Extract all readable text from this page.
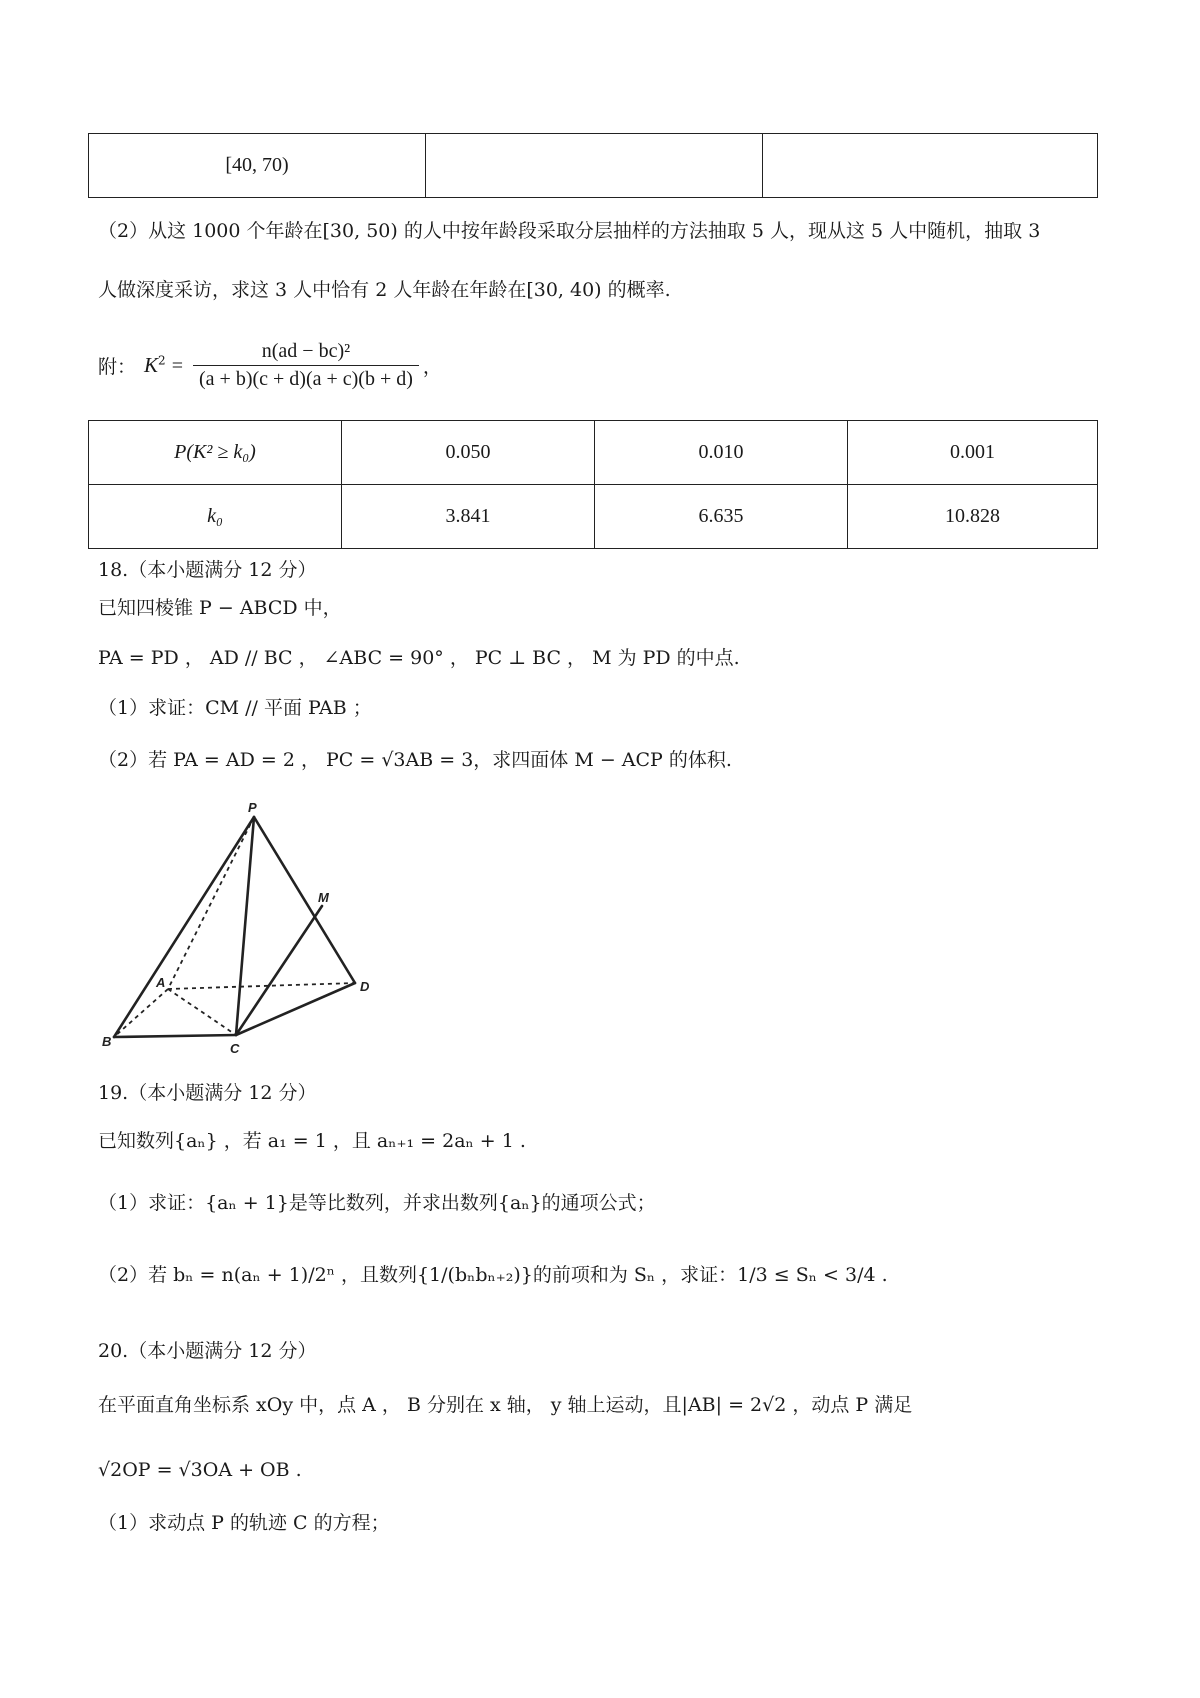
[40, 70)		
（2）从这 1000 个年龄在[30, 50) 的人中按年龄段采取分层抽样的方法抽取 5 人，现从这 5 人中随机，抽取 3
人做深度采访，求这 3 人中恰有 2 人年龄在年龄在[30, 40) 的概率.
附： $K^2 = \frac{\text{n(ad − bc)²}}{(a + b)(c + d)(a + c)(b + d)}$ ，
P(K² ≥ k₀)	0.050	0.010	0.001
k₀	3.841	6.635	10.828
18.（本小题满分 12 分）
已知四棱锥 P − ABCD 中，
PA = PD ， AD // BC ， ∠ABC = 90° ， PC ⊥ BC ， M 为 PD 的中点.
（1）求证：CM // 平面 PAB ；
（2）若 PA = AD = 2 ， PC = √3AB = 3，求四面体 M − ACP 的体积.
P
M
A	D
B	C
19.（本小题满分 12 分）
已知数列{aₙ} ，若 a₁ = 1 ，且 aₙ₊₁ = 2aₙ + 1 .
（1）求证：{aₙ + 1}是等比数列，并求出数列{aₙ}的通项公式；
（2）若 bₙ = n(aₙ + 1)/2ⁿ ，且数列{1/(bₙbₙ₊₂)}的前项和为 Sₙ ，求证：1/3 ≤ Sₙ < 3/4 .
20.（本小题满分 12 分）
在平面直角坐标系 xOy 中，点 A ， B 分别在 x 轴， y 轴上运动，且|AB| = 2√2 ，动点 P 满足
√2OP = √3OA + OB .
（1）求动点 P 的轨迹 C 的方程；
